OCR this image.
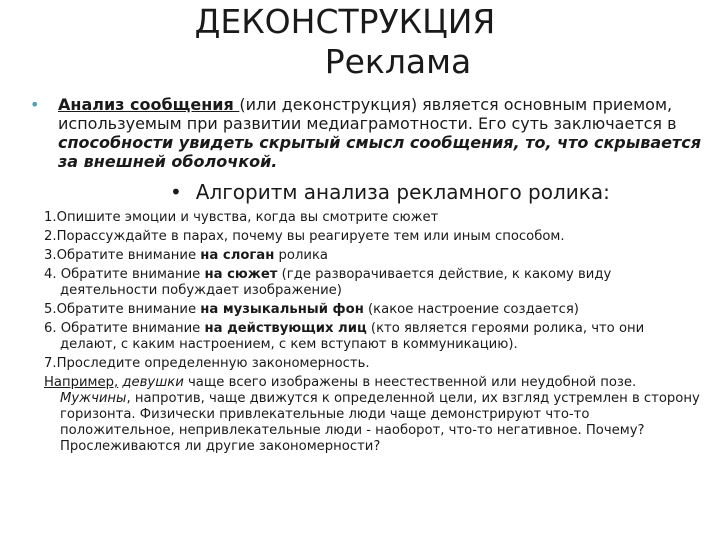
ДЕКОНСТРУКЦИЯ
Реклама
•	Анализ сообщения (или деконструкция) является основным приемом, используемым при развитии медиаграмотности. Его суть заключается в способности увидеть скрытый смысл сообщения, то, что скрывается за внешней оболочкой.

• Алгоритм анализа рекламного ролика:

1.Опишите эмоции и чувства, когда вы смотрите сюжет

2.Порассуждайте в парах, почему вы реагируете тем или иным способом.

3.Обратите внимание на слоган ролика

4. Обратите внимание на сюжет (где разворачивается действие, к какому виду деятельности побуждает изображение)

5.Обратите внимание на музыкальный фон (какое настроение создается)

6. Обратите внимание на действующих лиц (кто является героями ролика, что они делают, с каким настроением, с кем вступают в коммуникацию).

7.Проследите определенную закономерность.

Например, девушки чаще всего изображены в неестественной или неудобной позе. Мужчины, напротив, чаще движутся к определенной цели, их взгляд устремлен в сторону горизонта. Физически привлекательные люди чаще демонстрируют что-то положительное, непривлекательные люди - наоборот, что-то негативное. Почему? Прослеживаются ли другие закономерности?
